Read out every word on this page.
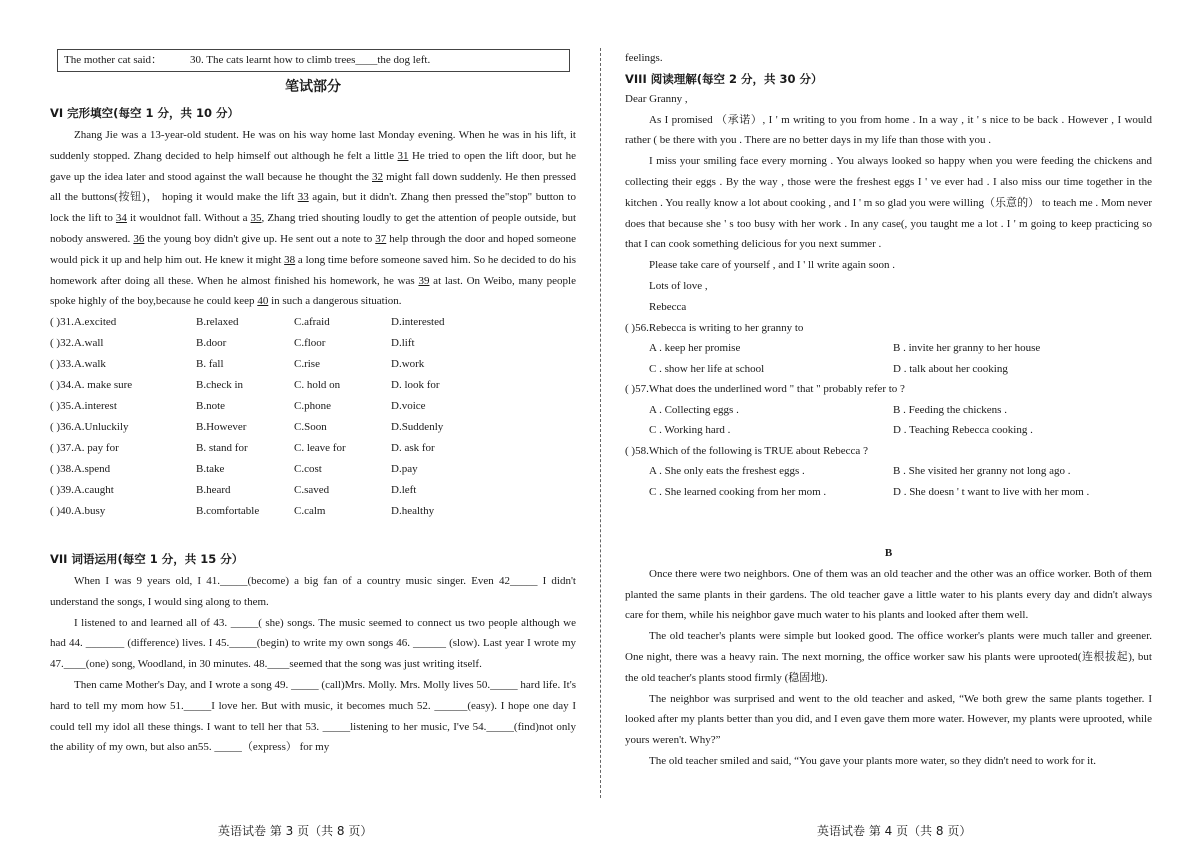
The mother cat said：	30. The cats learnt how to climb trees____the dog left.
笔试部分
VI 完形填空(每空 1 分，共 10 分）
Zhang Jie was a 13-year-old student. He was on his way home last Monday evening. When he was in his lift, it suddenly stopped. Zhang decided to help himself out although he felt a little 31 He tried to open the lift door, but he gave up the idea later and stood against the wall because he thought the 32 might fall down suddenly. He then pressed all the buttons(按钮)， hoping it would make the lift 33 again, but it didn't. Zhang then pressed the"stop" button to lock the lift to 34 it wouldnot fall. Without a 35, Zhang tried shouting loudly to get the attention of people outside, but nobody answered. 36 the young boy didn't give up. He sent out a note to 37 help through the door and hoped someone would pick it up and help him out. He knew it might 38 a long time before someone saved him. So he decided to do his homework after doing all these. When he almost finished his homework, he was 39 at last. On Weibo, many people spoke highly of the boy,because he could keep 40 in such a dangerous situation.
( )31.A.excited	B.relaxed	C.afraid	D.interested
( )32.A.wall	B.door	C.floor	D.lift
( )33.A.walk	B. fall	C.rise	D.work
( )34.A. make sure	B.check in	C. hold on	D. look for
( )35.A.interest	B.note	C.phone	D.voice
( )36.A.Unluckily	B.However	C.Soon	D.Suddenly
( )37.A. pay for	B. stand for	C. leave for	D. ask for
( )38.A.spend	B.take	C.cost	D.pay
( )39.A.caught	B.heard	C.saved	D.left
( )40.A.busy	B.comfortable	C.calm	D.healthy
VII 词语运用(每空 1 分，共 15 分）
When I was 9 years old, I 41._____(become) a big fan of a country music singer. Even 42_____ I didn't understand the songs, I would sing along to them.
I listened to and learned all of 43. _____( she) songs. The music seemed to connect us two people although we had 44. _______ (difference) lives. I 45._____(begin) to write my own songs 46. ______ (slow). Last year I wrote my 47.____(one) song, Woodland, in 30 minutes. 48.____seemed that the song was just writing itself.
Then came Mother's Day, and I wrote a song 49. _____ (call)Mrs. Molly. Mrs. Molly lives 50._____ hard life. It's hard to tell my mom how 51._____I love her. But with music, it becomes much 52. ______(easy). I hope one day I could tell my idol all these things. I want to tell her that 53. _____listening to her music, I've 54._____(find)not only the ability of my own, but also an55. _____（express） for my
英语试卷 第 3 页（共 8 页）
feelings.
VIII 阅读理解(每空 2 分，共 30 分）
Dear Granny ,
As I promised （承诺）, I ' m writing to you from home . In a way , it ' s nice to be back . However , I would rather ( be there with you . There are no better days in my life than those with you .
I miss your smiling face every morning . You always looked so happy when you were feeding the chickens and collecting their eggs . By the way , those were the freshest eggs I ' ve ever had . I also miss our time together in the kitchen . You really know a lot about cooking , and I ' m so glad you were willing（乐意的） to teach me . Mom never does that because she ' s too busy with her work . In any case(, you taught me a lot . I ' m going to keep practicing so that I can cook something delicious for you next summer .
Please take care of yourself , and I ' ll write again soon .
Lots of love ,
Rebecca
( )56.Rebecca is writing to her granny to
A . keep her promise	B . invite her granny to her house
C . show her life at school	D . talk about her cooking
( )57.What does the underlined word " that " probably refer to ?
A . Collecting eggs .	B . Feeding the chickens .
C . Working hard .	D . Teaching Rebecca cooking .
( )58.Which of the following is TRUE about Rebecca ?
A . She only eats the freshest eggs .	B . She visited her granny not long ago .
C . She learned cooking from her mom .	D . She doesn ' t want to live with her mom .
B
Once there were two neighbors. One of them was an old teacher and the other was an office worker. Both of them planted the same plants in their gardens. The old teacher gave a little water to his plants every day and didn't always care for them, while his neighbor gave much water to his plants and looked after them well.
The old teacher's plants were simple but looked good. The office worker's plants were much taller and greener. One night, there was a heavy rain. The next morning, the office worker saw his plants were uprooted(连根拔起), but the old teacher's plants stood firmly (稳固地).
The neighbor was surprised and went to the old teacher and asked, “We both grew the same plants together. I looked after my plants better than you did, and I even gave them more water. However, my plants were uprooted, while yours weren't. Why?”
The old teacher smiled and said, “You gave your plants more water, so they didn't need to work for it.
英语试卷 第 4 页（共 8 页）
